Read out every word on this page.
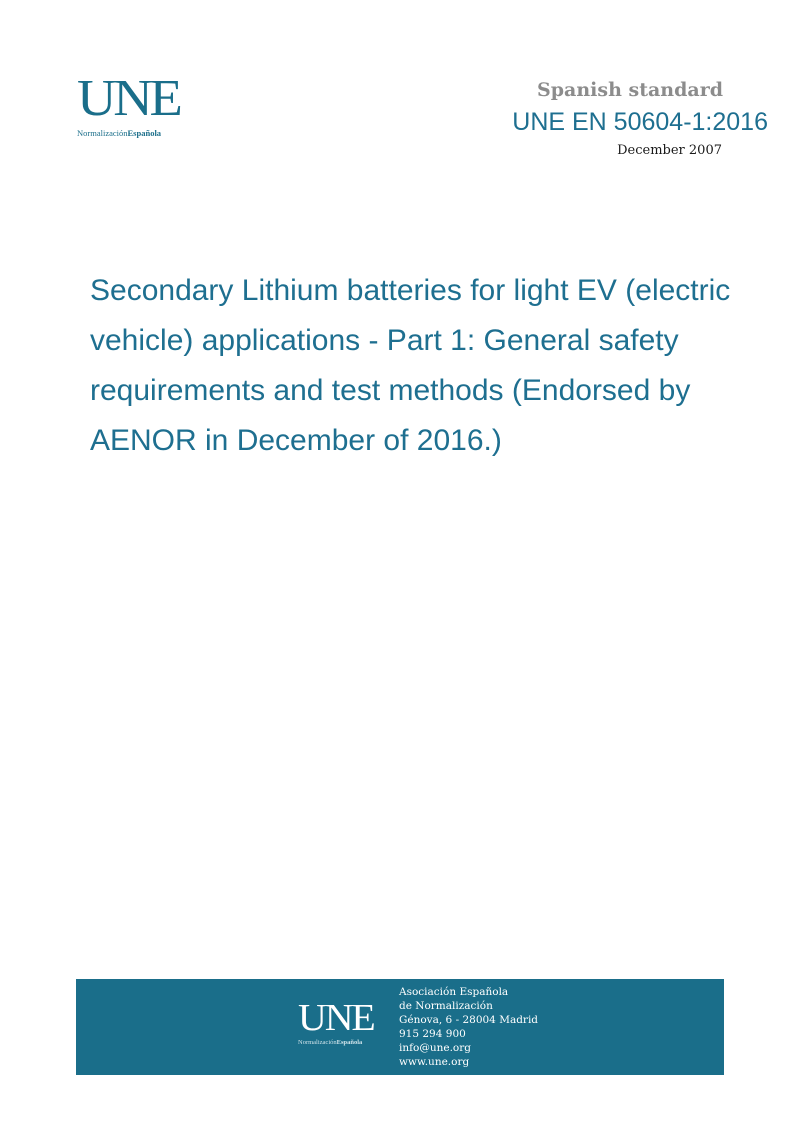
UNE
NormalizaciónEspañola
Spanish standard
UNE EN 50604-1:2016
December 2007
Secondary Lithium batteries for light EV (electric vehicle) applications - Part 1: General safety requirements and test methods (Endorsed by AENOR in December of 2016.)
UNE
NormalizaciónEspañola
Asociación Española
de Normalización
Génova, 6 - 28004 Madrid
915 294 900
info@une.org
www.une.org
